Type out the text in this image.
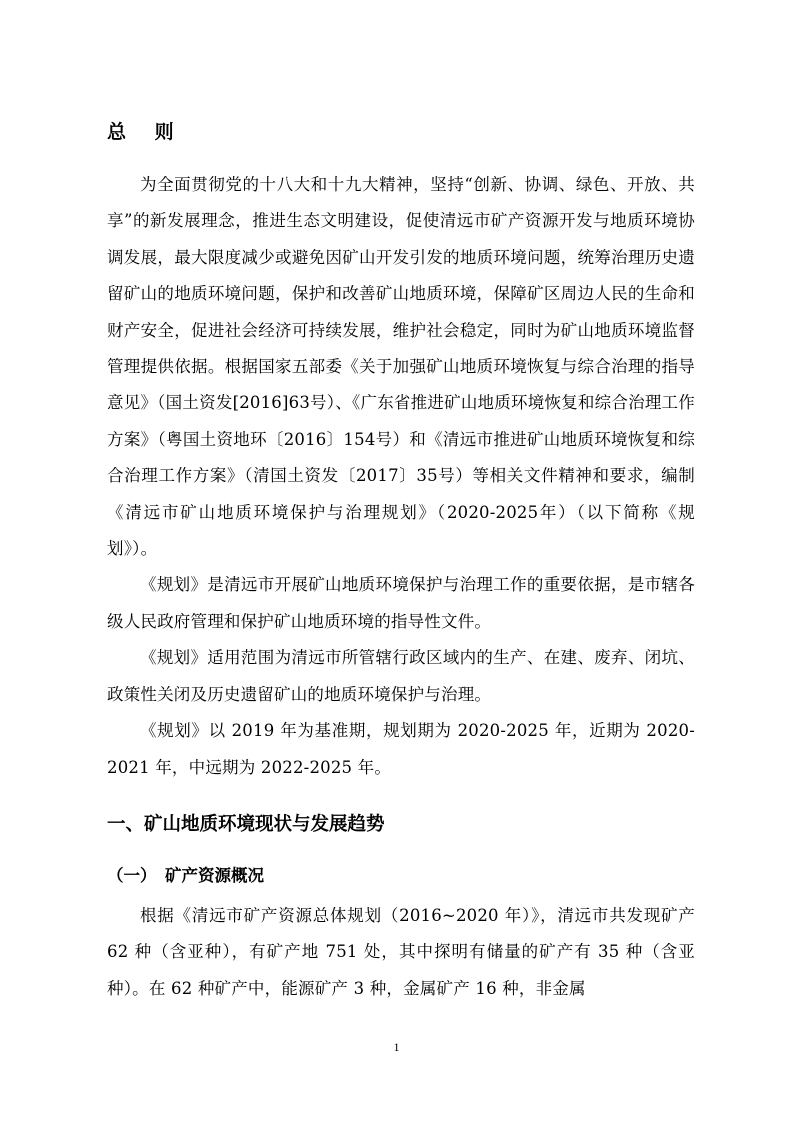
总 则

为全面贯彻党的十八大和十九大精神，坚持“创新、协调、绿色、开放、共享”的新发展理念，推进生态文明建设，促使清远市矿产资源开发与地质环境协调发展，最大限度减少或避免因矿山开发引发的地质环境问题，统筹治理历史遗留矿山的地质环境问题，保护和改善矿山地质环境，保障矿区周边人民的生命和财产安全，促进社会经济可持续发展，维护社会稳定，同时为矿山地质环境监督管理提供依据。根据国家五部委《关于加强矿山地质环境恢复与综合治理的指导意见》（国土资发[2016]63号）、《广东省推进矿山地质环境恢复和综合治理工作方案》（粤国土资地环〔2016〕154号）和《清远市推进矿山地质环境恢复和综合治理工作方案》（清国土资发〔2017〕35号）等相关文件精神和要求，编制《清远市矿山地质环境保护与治理规划》（2020-2025年）（以下简称《规划》）。

《规划》是清远市开展矿山地质环境保护与治理工作的重要依据，是市辖各级人民政府管理和保护矿山地质环境的指导性文件。

《规划》适用范围为清远市所管辖行政区域内的生产、在建、废弃、闭坑、政策性关闭及历史遗留矿山的地质环境保护与治理。

《规划》以 2019 年为基准期，规划期为 2020-2025 年，近期为 2020-2021 年，中远期为 2022-2025 年。

一、矿山地质环境现状与发展趋势
（一） 矿产资源概况

根据《清远市矿产资源总体规划（2016~2020 年）》，清远市共发现矿产 62 种（含亚种），有矿产地 751 处，其中探明有储量的矿产有 35 种（含亚种）。在 62 种矿产中，能源矿产 3 种，金属矿产 16 种，非金属

1
